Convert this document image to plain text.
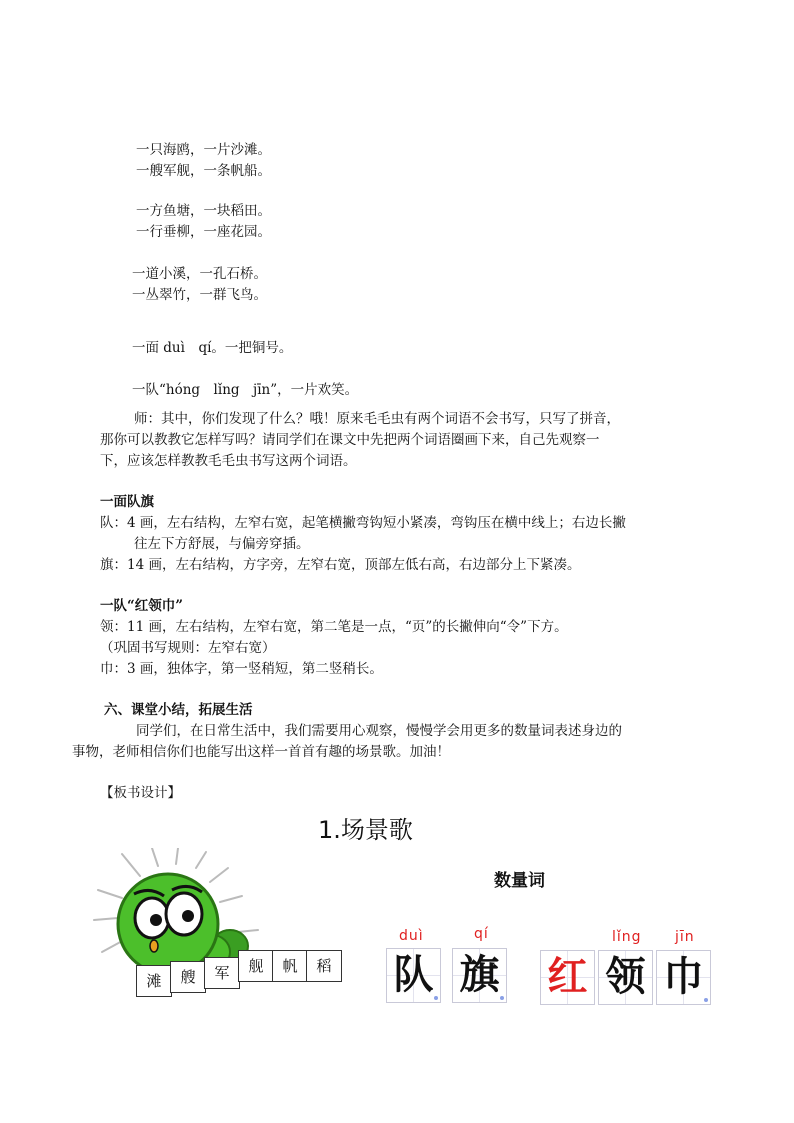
一只海鸥，一片沙滩。
一艘军舰，一条帆船。
一方鱼塘，一块稻田。
一行垂柳，一座花园。
一道小溪，一孔石桥。
一丛翠竹，一群飞鸟。
一面 duì　qí。一把铜号。
一队“hóng　lǐng　jīn”，一片欢笑。
师：其中，你们发现了什么？哦！原来毛毛虫有两个词语不会书写，只写了拼音，
那你可以教教它怎样写吗？请同学们在课文中先把两个词语圈画下来，自己先观察一
下，应该怎样教教毛毛虫书写这两个词语。
一面队旗
队：4 画，左右结构，左窄右宽，起笔横撇弯钩短小紧凑，弯钩压在横中线上；右边长撇
往左下方舒展，与偏旁穿插。
旗：14 画，左右结构，方字旁，左窄右宽，顶部左低右高，右边部分上下紧凑。
一队“红领巾”
领：11 画，左右结构，左窄右宽，第二笔是一点，“页”的长撇伸向“令”下方。
（巩固书写规则：左窄右宽）
巾：3 画，独体字，第一竖稍短，第二竖稍长。
六、课堂小结，拓展生活
同学们，在日常生活中，我们需要用心观察，慢慢学会用更多的数量词表述身边的
事物，老师相信你们也能写出这样一首首有趣的场景歌。加油！
【板书设计】
1.场景歌
滩	艘	军	舰	帆	稻
数量词
duì	qí	lǐng jīn
队 旗 红 领 巾
